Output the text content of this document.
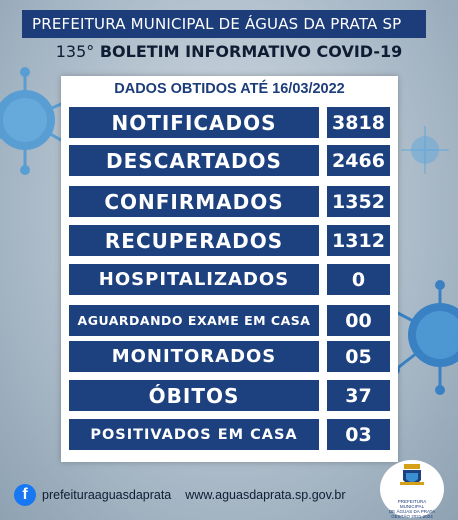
PREFEITURA MUNICIPAL DE ÁGUAS DA PRATA SP
135° BOLETIM INFORMATIVO COVID-19
DADOS OBTIDOS ATÉ 16/03/2022
NOTIFICADOS	3818
DESCARTADOS	2466
CONFIRMADOS	1352
RECUPERADOS	1312
HOSPITALIZADOS	0
AGUARDANDO EXAME EM CASA	00
MONITORADOS	05
ÓBITOS	37
POSITIVADOS EM CASA	03
f	prefeituraaguasdaprata www.aguasdaprata.sp.gov.br	PREFEITURA MUNICIPAL
DE ÁGUAS DA PRATA
GESTÃO 2021-2024
